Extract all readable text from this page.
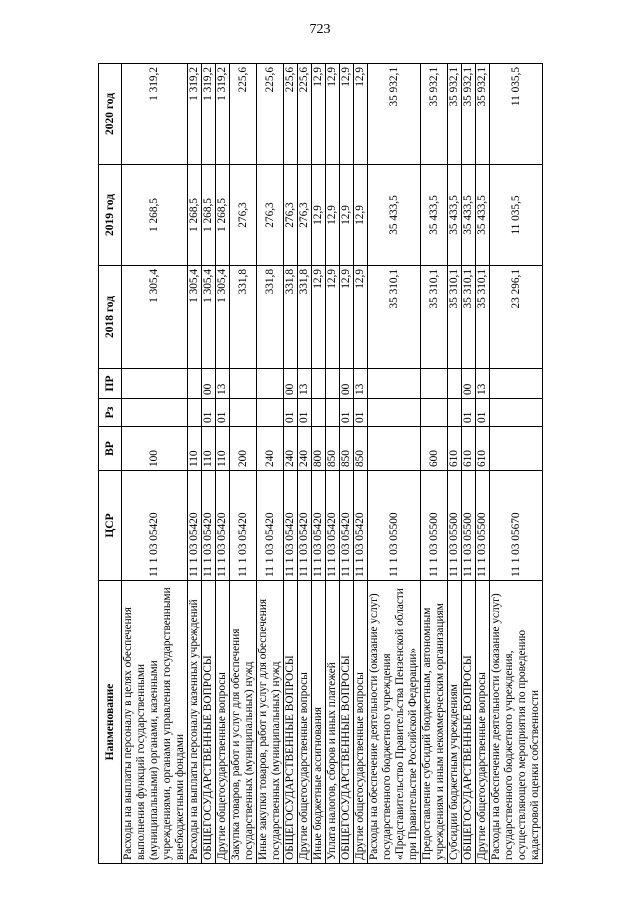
723
Наименование	ЦСР	ВР	Рз	ПР	2018 год	2019 год	2020 год
Расходы на выплаты персоналу в целях обеспечения выполнения функций государственными (муниципальными) органами, казенными учреждениями, органами управления государственными внебюджетными фондами	11 1 03 05420	100			1 305,4	1 268,5	1 319,2
Расходы на выплаты персоналу казенных учреждений	11 1 03 05420	110			1 305,4	1 268,5	1 319,2
ОБЩЕГОСУДАРСТВЕННЫЕ ВОПРОСЫ	11 1 03 05420	110	01	00	1 305,4	1 268,5	1 319,2
Другие общегосударственные вопросы	11 1 03 05420	110	01	13	1 305,4	1 268,5	1 319,2
Закупка товаров, работ и услуг для обеспечения государственных (муниципальных) нужд	11 1 03 05420	200			331,8	276,3	225,6
Иные закупки товаров, работ и услуг для обеспечения государственных (муниципальных) нужд	11 1 03 05420	240			331,8	276,3	225,6
ОБЩЕГОСУДАРСТВЕННЫЕ ВОПРОСЫ	11 1 03 05420	240	01	00	331,8	276,3	225,6
Другие общегосударственные вопросы	11 1 03 05420	240	01	13	331,8	276,3	225,6
Иные бюджетные ассигнования	11 1 03 05420	800			12,9	12,9	12,9
Уплата налогов, сборов и иных платежей	11 1 03 05420	850			12,9	12,9	12,9
ОБЩЕГОСУДАРСТВЕННЫЕ ВОПРОСЫ	11 1 03 05420	850	01	00	12,9	12,9	12,9
Другие общегосударственные вопросы	11 1 03 05420	850	01	13	12,9	12,9	12,9
Расходы на обеспечение деятельности (оказание услуг) государственного бюджетного учреждения «Представительство Правительства Пензенской области при Правительстве Российской Федерации»	11 1 03 05500				35 310,1	35 433,5	35 932,1
Предоставление субсидий бюджетным, автономным учреждениям и иным некоммерческим организациям	11 1 03 05500	600			35 310,1	35 433,5	35 932,1
Субсидии бюджетным учреждениям	11 1 03 05500	610			35 310,1	35 433,5	35 932,1
ОБЩЕГОСУДАРСТВЕННЫЕ ВОПРОСЫ	11 1 03 05500	610	01	00	35 310,1	35 433,5	35 932,1
Другие общегосударственные вопросы	11 1 03 05500	610	01	13	35 310,1	35 433,5	35 932,1
Расходы на обеспечение деятельности (оказание услуг) государственного бюджетного учреждения, осуществляющего мероприятия по проведению кадастровой оценки собственности	11 1 03 05670				23 296,1	11 035,5	11 035,5
